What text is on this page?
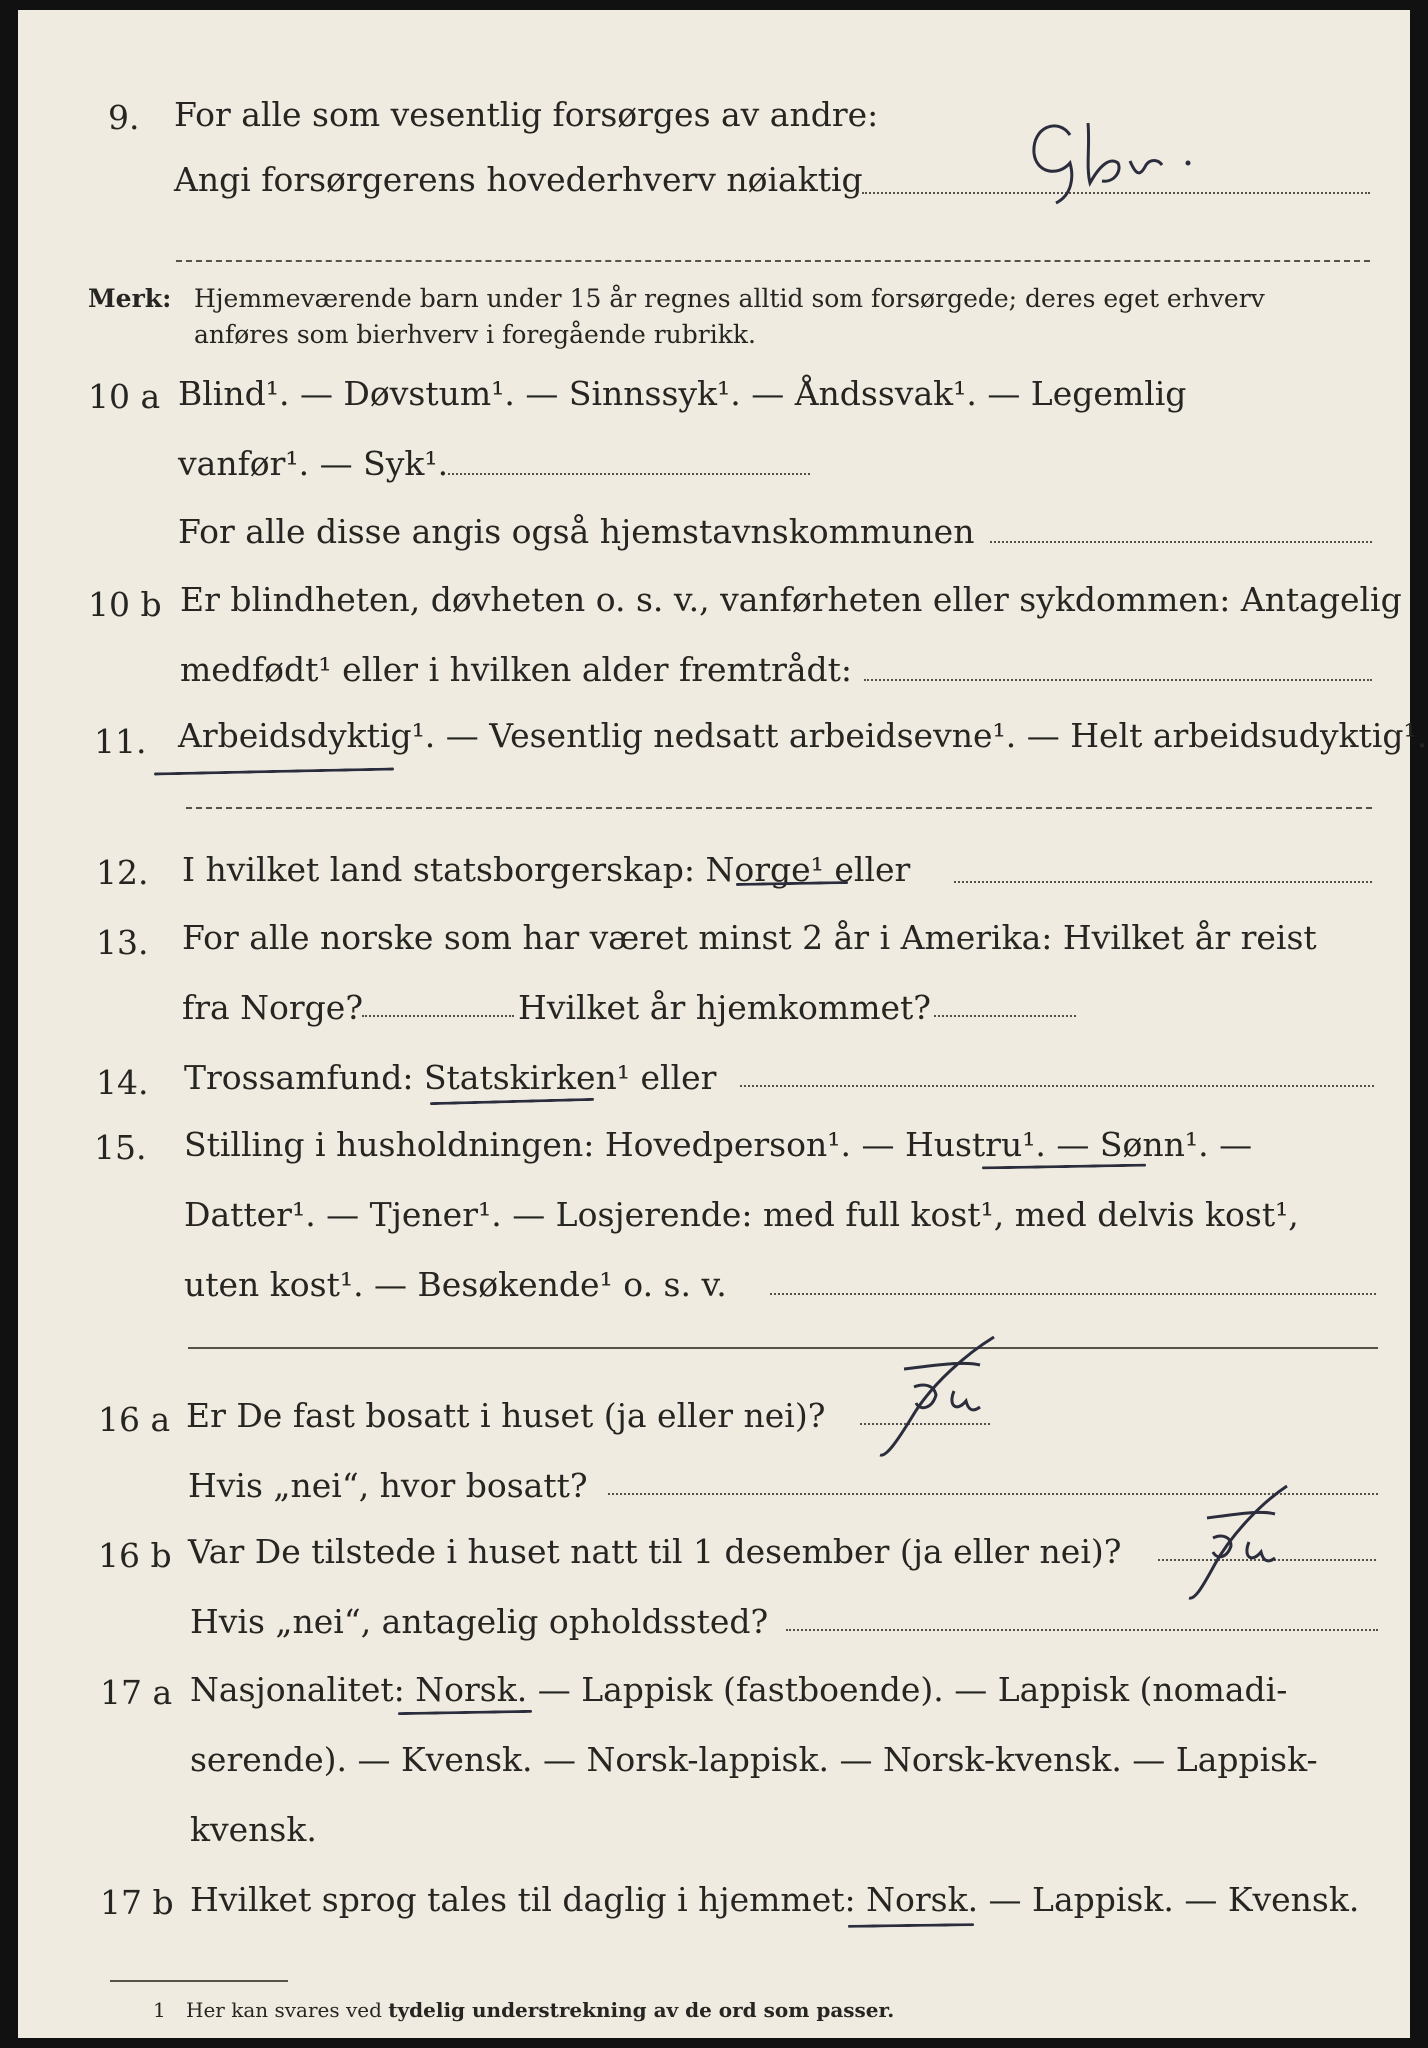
9. For alle som vesentlig forsørges av andre:
Angi forsørgerens hovederhverv nøiaktig
Merk: Hjemmeværende barn under 15 år regnes alltid som forsørgede; deres eget erhverv
anføres som bierhverv i foregående rubrikk.
10 a Blind¹. — Døvstum¹. — Sinnssyk¹. — Åndssvak¹. — Legemlig
vanfør¹. — Syk¹.
For alle disse angis også hjemstavnskommunen
10 b Er blindheten, døvheten o. s. v., vanførheten eller sykdommen: Antagelig
medfødt¹ eller i hvilken alder fremtrådt:
11. Arbeidsdyktig¹. — Vesentlig nedsatt arbeidsevne¹. — Helt arbeidsudyktig¹.
12. I hvilket land statsborgerskap: Norge¹ eller
13. For alle norske som har været minst 2 år i Amerika: Hvilket år reist
fra Norge?	Hvilket år hjemkommet?
14. Trossamfund: Statskirken¹ eller
15. Stilling i husholdningen: Hovedperson¹. — Hustru¹. — Sønn¹. —
Datter¹. — Tjener¹. — Losjerende: med full kost¹, med delvis kost¹,
uten kost¹. — Besøkende¹ o. s. v.
16 a Er De fast bosatt i huset (ja eller nei)?
Hvis „nei“, hvor bosatt?
16 b Var De tilstede i huset natt til 1 desember (ja eller nei)?
Hvis „nei“, antagelig opholdssted?
17 a Nasjonalitet: Norsk. — Lappisk (fastboende). — Lappisk (nomadi-
serende). — Kvensk. — Norsk-lappisk. — Norsk-kvensk. — Lappisk-
kvensk.
17 b Hvilket sprog tales til daglig i hjemmet: Norsk. — Lappisk. — Kvensk.
1 Her kan svares ved tydelig understrekning av de ord som passer.
